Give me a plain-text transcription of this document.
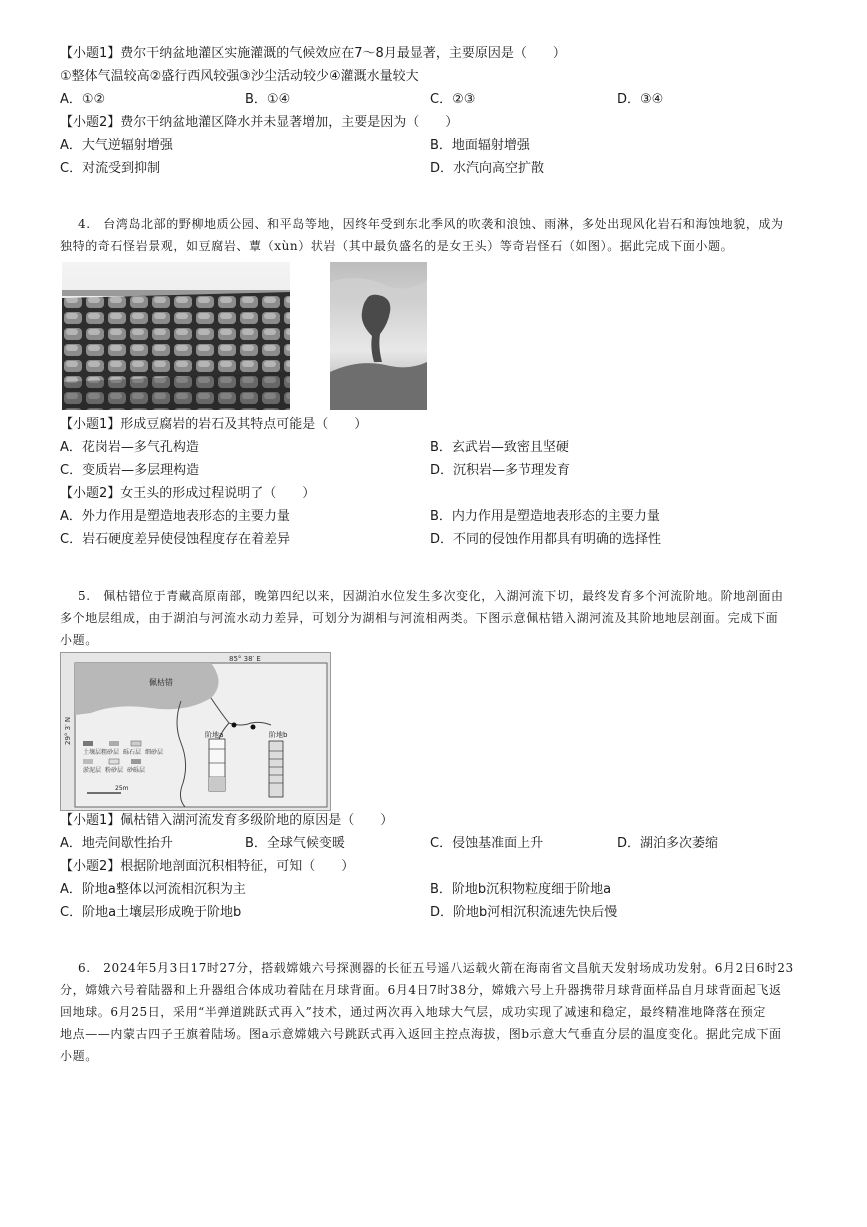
【小题1】费尔干纳盆地灌区实施灌溉的气候效应在7～8月最显著，主要原因是（　　）
①整体气温较高②盛行西风较强③沙尘活动较少④灌溉水量较大
A．①②	B．①④	C．②③	D．③④
【小题2】费尔干纳盆地灌区降水并未显著增加，主要是因为（　　）
A．大气逆辐射增强	B．地面辐射增强
C．对流受到抑制	D．水汽向高空扩散
4.　台湾岛北部的野柳地质公园、和平岛等地，因终年受到东北季风的吹袭和浪蚀、雨淋，多处出现风化岩石和海蚀地貌，成为
独特的奇石怪岩景观，如豆腐岩、蕈（xùn）状岩（其中最负盛名的是女王头）等奇岩怪石（如图）。据此完成下面小题。
【小题1】形成豆腐岩的岩石及其特点可能是（　　）
A．花岗岩—多气孔构造	B．玄武岩—致密且坚硬
C．变质岩—多层理构造	D．沉积岩—多节理发育
【小题2】女王头的形成过程说明了（　　）
A．外力作用是塑造地表形态的主要力量	B．内力作用是塑造地表形态的主要力量
C．岩石硬度差异使侵蚀程度存在着差异	D．不同的侵蚀作用都具有明确的选择性
5.　佩枯错位于青藏高原南部，晚第四纪以来，因湖泊水位发生多次变化，入湖河流下切，最终发育多个河流阶地。阶地剖面由
多个地层组成，由于湖泊与河流水动力差异，可划分为湖相与河流相两类。下图示意佩枯错入湖河流及其阶地地层剖面。完成下面
小题。
85° 38′ E
29° 3′ N
佩枯错
阶地a	阶地b
土壤层 粗砂层 砾石层 细砂层
淤泥层 粉砂层 砂砾层
25m
【小题1】佩枯错入湖河流发育多级阶地的原因是（　　）
A．地壳间歇性抬升	B．全球气候变暖	C．侵蚀基准面上升	D．湖泊多次萎缩
【小题2】根据阶地剖面沉积相特征，可知（　　）
A．阶地a整体以河流相沉积为主	B．阶地b沉积物粒度细于阶地a
C．阶地a土壤层形成晚于阶地b	D．阶地b河相沉积流速先快后慢
6.　2024年5月3日17时27分，搭载嫦娥六号探测器的长征五号遥八运载火箭在海南省文昌航天发射场成功发射。6月2日6时23
分，嫦娥六号着陆器和上升器组合体成功着陆在月球背面。6月4日7时38分，嫦娥六号上升器携带月球背面样品自月球背面起飞返
回地球。6月25日，采用“半弹道跳跃式再入”技术，通过两次再入地球大气层，成功实现了减速和稳定，最终精准地降落在预定
地点——内蒙古四子王旗着陆场。图a示意嫦娥六号跳跃式再入返回主控点海拔，图b示意大气垂直分层的温度变化。据此完成下面
小题。
